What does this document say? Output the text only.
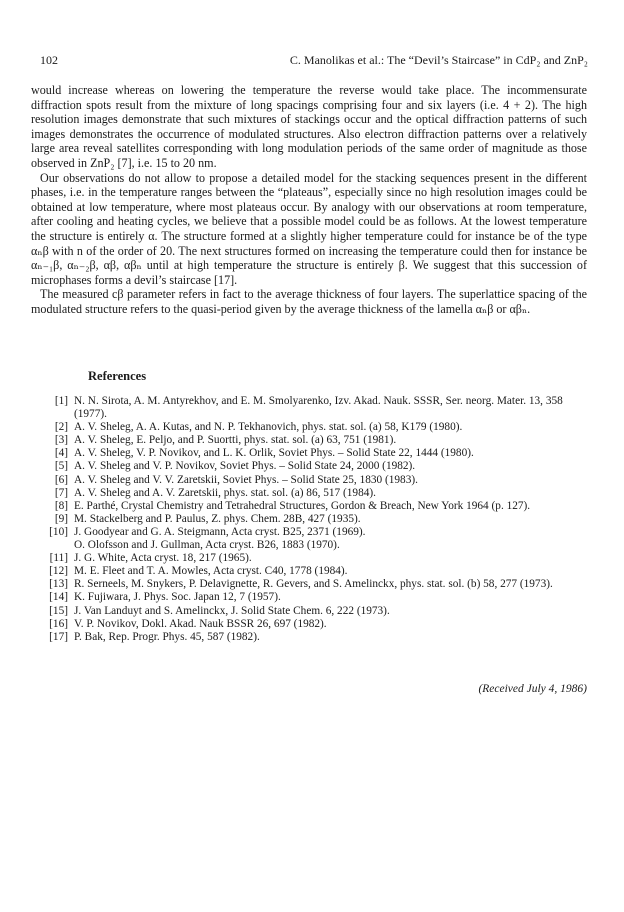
102	C. Manolikas et al.: The “Devil’s Staircase” in CdP₂ and ZnP₂

would increase whereas on lowering the temperature the reverse would take place. The incommensurate diffraction spots result from the mixture of long spacings comprising four and six layers (i.e. 4 + 2). The high resolution images demonstrate that such mixtures of stackings occur and the optical diffraction patterns of such images demonstrates the occurrence of modulated structures. Also electron diffraction patterns over a relatively large area reveal satellites corresponding with long modulation periods of the same order of magnitude as those observed in ZnP₂ [7], i.e. 15 to 20 nm.

Our observations do not allow to propose a detailed model for the stacking sequences present in the different phases, i.e. in the temperature ranges between the “plateaus”, especially since no high resolution images could be obtained at low temperature, where most plateaus occur. By analogy with our observations at room temperature, after cooling and heating cycles, we believe that a possible model could be as follows. At the lowest temperature the structure is entirely α. The structure formed at a slightly higher temperature could for instance be of the type αₙβ with n of the order of 20. The next structures formed on increasing the temperature could then for instance be αₙ₋₁β, αₙ₋₂β, αβ, αβₙ until at high temperature the structure is entirely β. We suggest that this succession of microphases forms a devil’s staircase [17].

The measured cβ parameter refers in fact to the average thickness of four layers. The superlattice spacing of the modulated structure refers to the quasi-period given by the average thickness of the lamella αₙβ or αβₙ.

References
[1] N. N. Sirota, A. M. Antyrekhov, and E. M. Smolyarenko, Izv. Akad. Nauk. SSSR, Ser. neorg. Mater. 13, 358 (1977).
[2] A. V. Sheleg, A. A. Kutas, and N. P. Tekhanovich, phys. stat. sol. (a) 58, K179 (1980).
[3] A. V. Sheleg, E. Peljo, and P. Suortti, phys. stat. sol. (a) 63, 751 (1981).
[4] A. V. Sheleg, V. P. Novikov, and L. K. Orlik, Soviet Phys. – Solid State 22, 1444 (1980).
[5] A. V. Sheleg and V. P. Novikov, Soviet Phys. – Solid State 24, 2000 (1982).
[6] A. V. Sheleg and V. V. Zaretskii, Soviet Phys. – Solid State 25, 1830 (1983).
[7] A. V. Sheleg and A. V. Zaretskii, phys. stat. sol. (a) 86, 517 (1984).
[8] E. Parthé, Crystal Chemistry and Tetrahedral Structures, Gordon & Breach, New York 1964 (p. 127).
[9] M. Stackelberg and P. Paulus, Z. phys. Chem. 28B, 427 (1935).
[10] J. Goodyear and G. A. Steigmann, Acta cryst. B25, 2371 (1969).
O. Olofsson and J. Gullman, Acta cryst. B26, 1883 (1970).
[11] J. G. White, Acta cryst. 18, 217 (1965).
[12] M. E. Fleet and T. A. Mowles, Acta cryst. C40, 1778 (1984).
[13] R. Serneels, M. Snykers, P. Delavignette, R. Gevers, and S. Amelinckx, phys. stat. sol. (b) 58, 277 (1973).
[14] K. Fujiwara, J. Phys. Soc. Japan 12, 7 (1957).
[15] J. Van Landuyt and S. Amelinckx, J. Solid State Chem. 6, 222 (1973).
[16] V. P. Novikov, Dokl. Akad. Nauk BSSR 26, 697 (1982).
[17] P. Bak, Rep. Progr. Phys. 45, 587 (1982).
(Received July 4, 1986)
